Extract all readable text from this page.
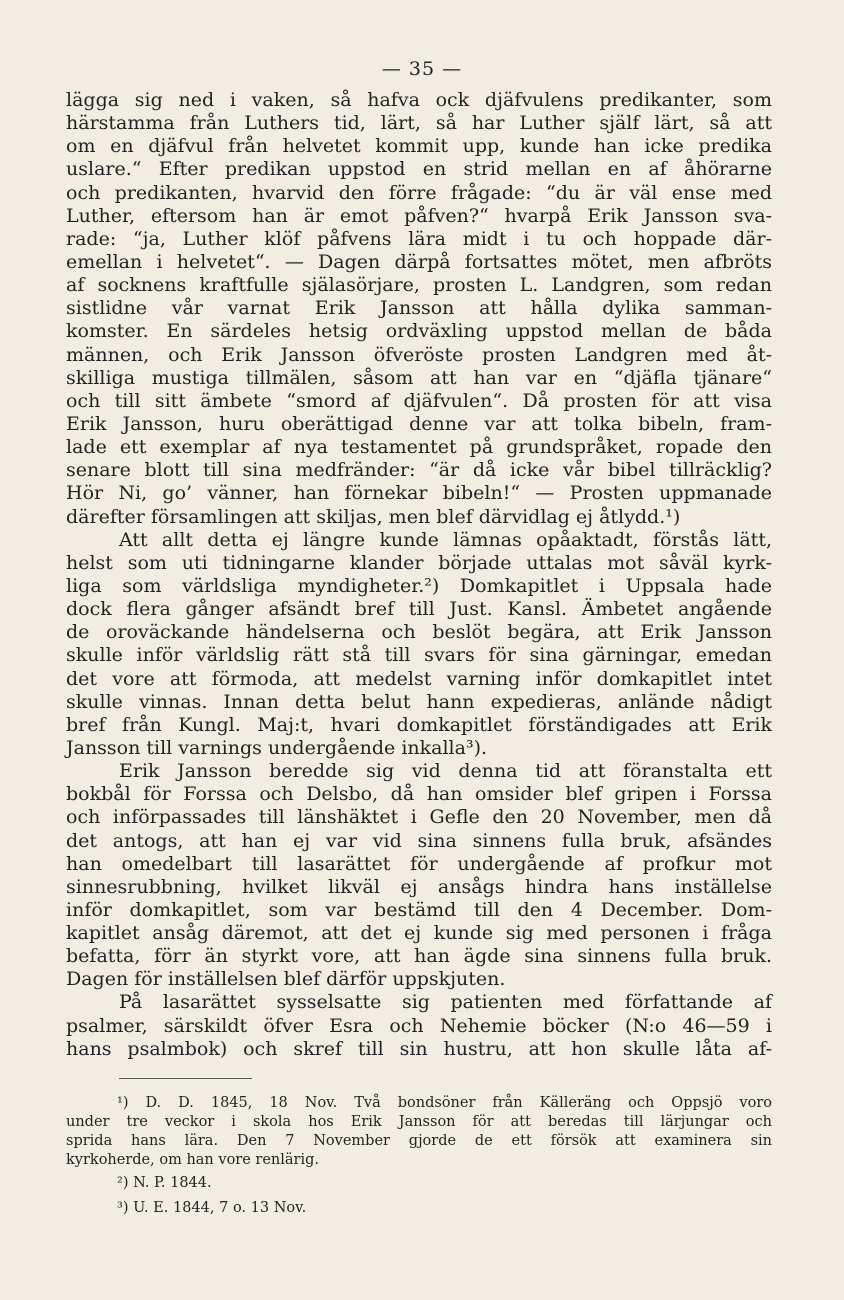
— 35 —
lägga sig ned i vaken, så hafva ock djäfvulens predikanter, som
härstamma från Luthers tid, lärt, så har Luther själf lärt, så att
om en djäfvul från helvetet kommit upp, kunde han icke predika
uslare.“ Efter predikan uppstod en strid mellan en af åhörarne
och predikanten, hvarvid den förre frågade: “du är väl ense med
Luther, eftersom han är emot påfven?“ hvarpå Erik Jansson sva-
rade: “ja, Luther klöf påfvens lära midt i tu och hoppade där-
emellan i helvetet“. — Dagen därpå fortsattes mötet, men afbröts
af socknens kraftfulle själasörjare, prosten L. Landgren, som redan
sistlidne vår varnat Erik Jansson att hålla dylika samman-
komster. En särdeles hetsig ordväxling uppstod mellan de båda
männen, och Erik Jansson öfveröste prosten Landgren med åt-
skilliga mustiga tillmälen, såsom att han var en “djäfla tjänare“
och till sitt ämbete “smord af djäfvulen“. Då prosten för att visa
Erik Jansson, huru oberättigad denne var att tolka bibeln, fram-
lade ett exemplar af nya testamentet på grundspråket, ropade den
senare blott till sina medfränder: “är då icke vår bibel tillräcklig?
Hör Ni, go’ vänner, han förnekar bibeln!“ — Prosten uppmanade
därefter församlingen att skiljas, men blef därvidlag ej åtlydd.¹)
Att allt detta ej längre kunde lämnas opåaktadt, förstås lätt,
helst som uti tidningarne klander började uttalas mot såväl kyrk-
liga som världsliga myndigheter.²) Domkapitlet i Uppsala hade
dock flera gånger afsändt bref till Just. Kansl. Ämbetet angående
de oroväckande händelserna och beslöt begära, att Erik Jansson
skulle inför världslig rätt stå till svars för sina gärningar, emedan
det vore att förmoda, att medelst varning inför domkapitlet intet
skulle vinnas. Innan detta belut hann expedieras, anlände nådigt
bref från Kungl. Maj:t, hvari domkapitlet förständigades att Erik
Jansson till varnings undergående inkalla³).
Erik Jansson beredde sig vid denna tid att föranstalta ett
bokbål för Forssa och Delsbo, då han omsider blef gripen i Forssa
och införpassades till länshäktet i Gefle den 20 November, men då
det antogs, att han ej var vid sina sinnens fulla bruk, afsändes
han omedelbart till lasarättet för undergående af profkur mot
sinnesrubbning, hvilket likväl ej ansågs hindra hans inställelse
inför domkapitlet, som var bestämd till den 4 December. Dom-
kapitlet ansåg däremot, att det ej kunde sig med personen i fråga
befatta, förr än styrkt vore, att han ägde sina sinnens fulla bruk.
Dagen för inställelsen blef därför uppskjuten.
På lasarättet sysselsatte sig patienten med författande af
psalmer, särskildt öfver Esra och Nehemie böcker (N:o 46—59 i
hans psalmbok) och skref till sin hustru, att hon skulle låta af-
¹) D. D. 1845, 18 Nov. Två bondsöner från Källeräng och Oppsjö voro
under tre veckor i skola hos Erik Jansson för att beredas till lärjungar och
sprida hans lära. Den 7 November gjorde de ett försök att examinera sin
kyrkoherde, om han vore renlärig.
²) N. P. 1844.
³) U. E. 1844, 7 o. 13 Nov.
